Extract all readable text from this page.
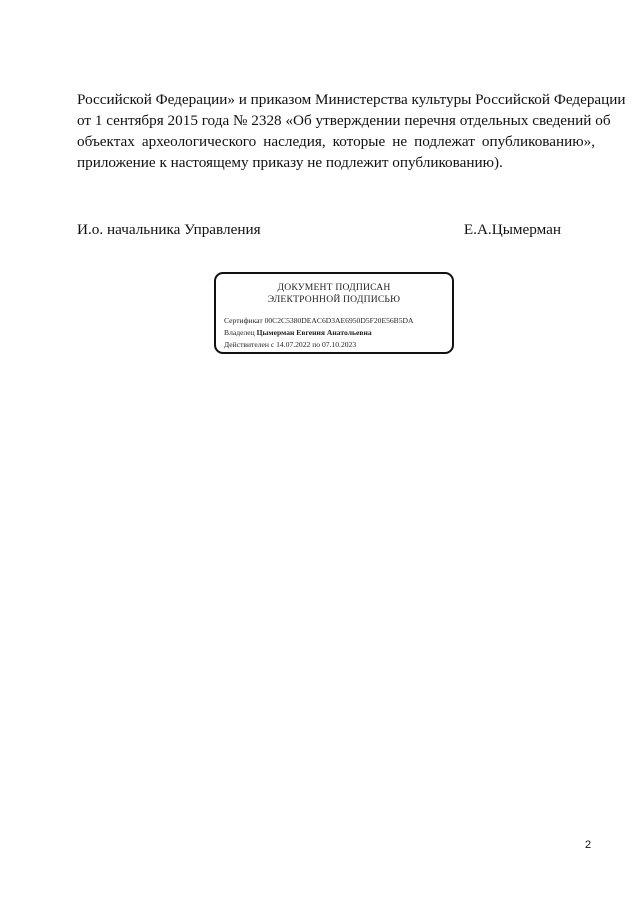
Российской Федерации» и приказом Министерства культуры Российской Федерации
от 1 сентября 2015 года № 2328 «Об утверждении перечня отдельных сведений об
объектах археологического наследия, которые не подлежат опубликованию»,
приложение к настоящему приказу не подлежит опубликованию).
И.о. начальника Управления	Е.А.Цымерман
ДОКУМЕНТ ПОДПИСАН
ЭЛЕКТРОННОЙ ПОДПИСЬЮ
Сертификат 00C2C5380DEAC6D3AE6950D5F20E56B5DA
Владелец Цымерман Евгения Анатольевна
Действителен с 14.07.2022 по 07.10.2023
2
